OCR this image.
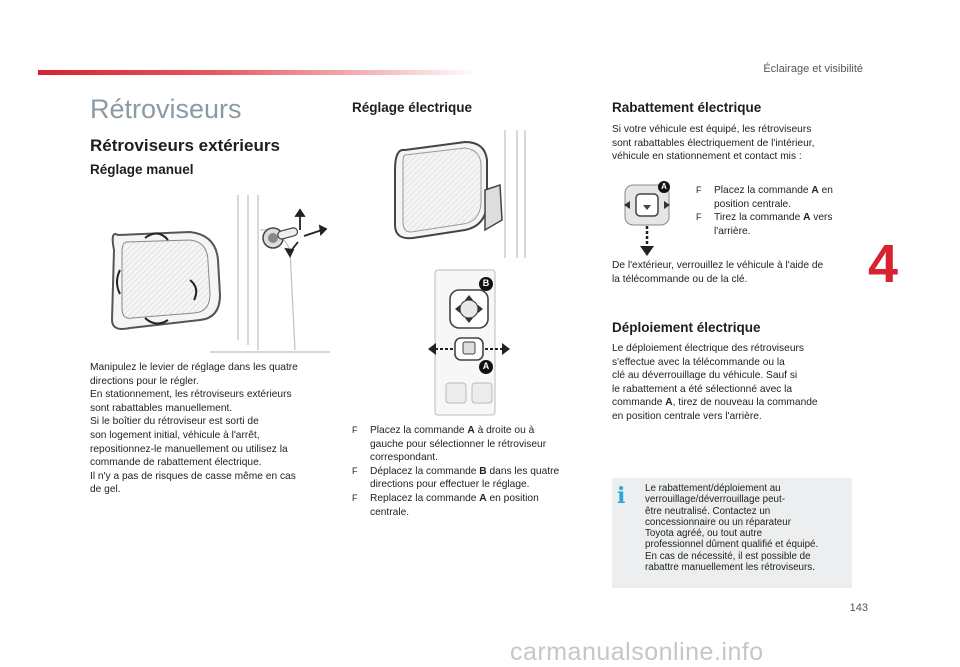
Éclairage et visibilité
4
143
Rétroviseurs
Rétroviseurs extérieurs
Réglage manuel
Manipulez le levier de réglage dans les quatre
directions pour le régler.
En stationnement, les rétroviseurs extérieurs
sont rabattables manuellement.
Si le boîtier du rétroviseur est sorti de
son logement initial, véhicule à l'arrêt,
repositionnez-le manuellement ou utilisez la
commande de rabattement électrique.
Il n'y a pas de risques de casse même en cas
de gel.
Réglage électrique
B
A
F	Placez la commande A à droite ou à
gauche pour sélectionner le rétroviseur
correspondant.
F	Déplacez la commande B dans les quatre
directions pour effectuer le réglage.
F	Replacez la commande A en position
centrale.
Rabattement électrique
Si votre véhicule est équipé, les rétroviseurs
sont rabattables électriquement de l'intérieur,
véhicule en stationnement et contact mis :
A	F	Placez la commande A en
position centrale.
F	Tirez la commande A vers
l'arrière.
De l'extérieur, verrouillez le véhicule à l'aide de
la télécommande ou de la clé.
Déploiement électrique
Le déploiement électrique des rétroviseurs
s'effectue avec la télécommande ou la
clé au déverrouillage du véhicule. Sauf si
le rabattement a été sélectionné avec la
commande A, tirez de nouveau la commande
en position centrale vers l'arrière.
i	Le rabattement/déploiement au
verrouillage/déverrouillage peut-
être neutralisé. Contactez un
concessionnaire ou un réparateur
Toyota agréé, ou tout autre
professionnel dûment qualifié et équipé.
En cas de nécessité, il est possible de
rabattre manuellement les rétroviseurs.
carmanualsonline.info
